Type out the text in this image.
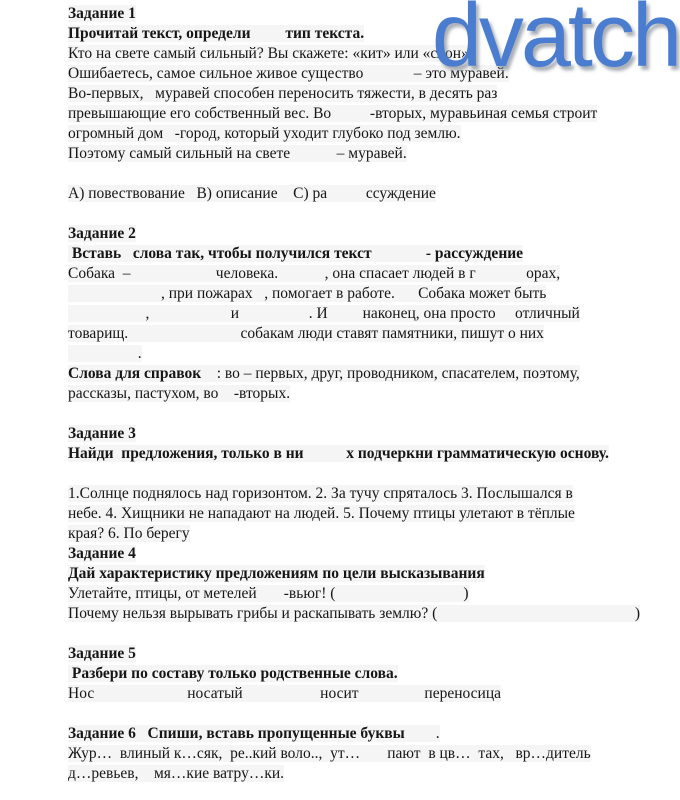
dvatch
Задание 1
Прочитай текст, определи         тип текста.
Кто на свете самый сильный? Вы скажете: «кит» или «слон»
Ошибаетесь, самое сильное живое существо             – это муравей.
Во-первых,   муравей способен переносить тяжести, в десять раз
превышающие его собственный вес. Во          -вторых, муравьиная семья строит
огромный дом   -город, который уходит глубоко под землю.
Поэтому самый сильный на свете            – муравей.
А) повествование   В) описание    С) ра          ссуждение
Задание 2
Вставь   слова так, чтобы получился текст              - рассуждение
Собака  –                      человека.            , она спасает людей в г             орах,
, при пожарах   , помогает в работе.      Собака может быть
,                     и                  . И         наконец, она просто     отличный
товарищ.                             собакам люди ставят памятники, пишут о них
.
Слова для справок    : во – первых, друг, проводником, спасателем, поэтому,
рассказы, пастухом, во    -вторых.
Задание 3
Найди  предложения, только в ни           х подчеркни грамматическую основу.
1.Солнце поднялось над горизонтом. 2. За тучу спряталось 3. Послышался в
небе. 4. Хищники не нападают на людей. 5. Почему птицы улетают в тёплые
края? 6. По берегу
Задание 4
Дай характеристику предложениям по цели высказывания
Улетайте, птицы, от метелей       -вьюг! (                                 )
Почему нельзя вырывать грибы и раскапывать землю? (                                                   )
Задание 5
Разбери по составу только родственные слова.
Нос                        носатый                    носит                 переносица
Задание 6   Спиши, вставь пропущенные буквы        .
Жур…  влиный к…сяк,  ре..кий воло..,  ут…       пают  в цв…  тах,   вр…дитель
д…ревьев,    мя…кие ватру…ки.
